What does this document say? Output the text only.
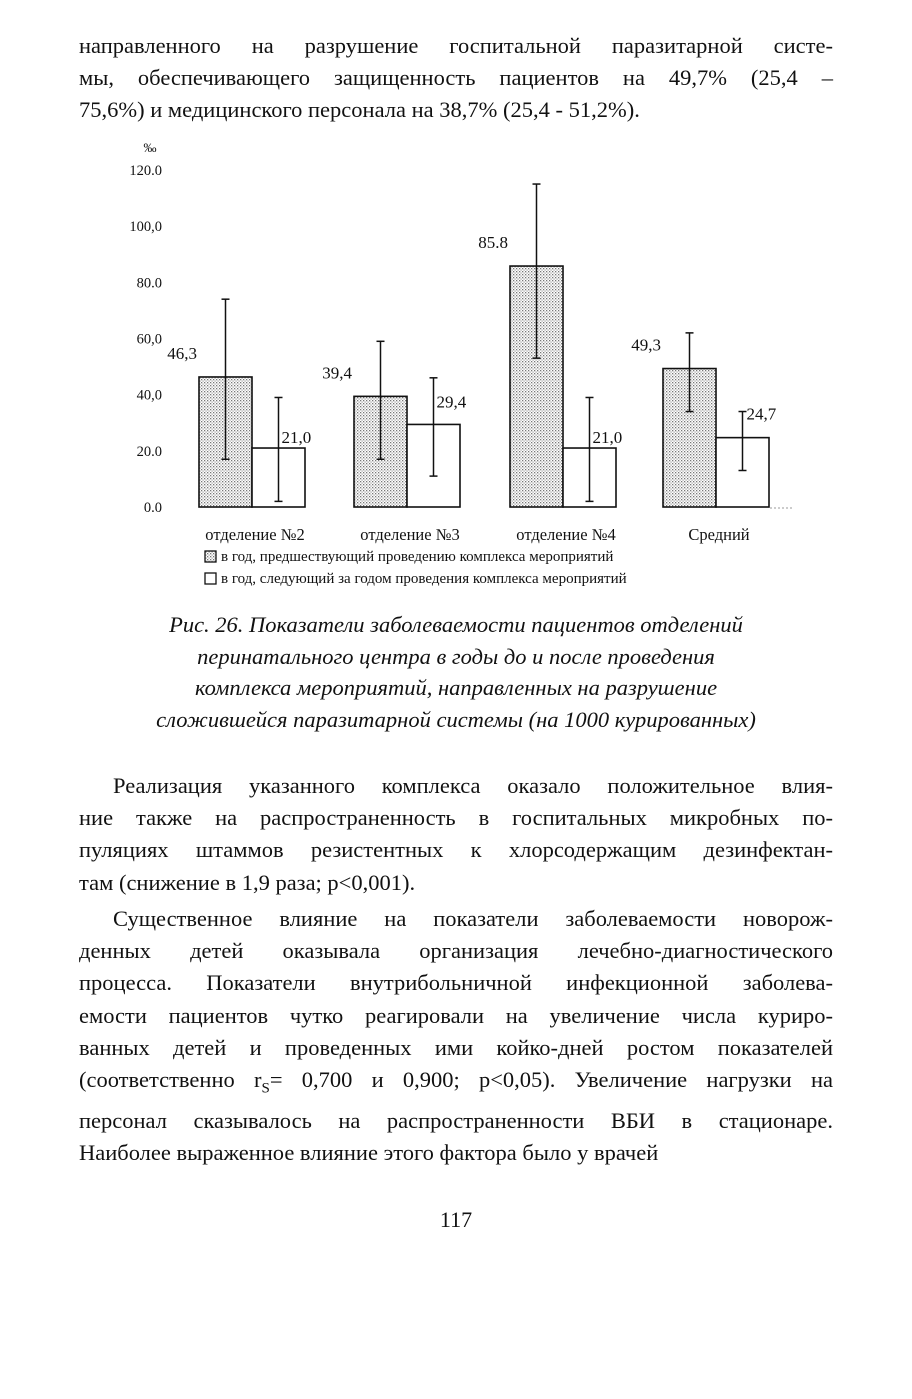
направленного на разрушение госпитальной паразитарной систе-
мы, обеспечивающего защищенность пациентов на 49,7% (25,4 –
75,6%) и медицинского персонала на 38,7% (25,4 - 51,2%).
‰
0.0
20.0
40,0
60,0
80.0
100,0
120.0
46,3
21,0
отделение №2
39,4
29,4
отделение №3
85.8
21,0
отделение №4
49,3
24,7
Средний
в год, предшествующий проведению комплекса мероприятий
в год, следующий за годом проведения комплекса мероприятий
Рис. 26. Показатели заболеваемости пациентов отделений
перинатального центра в годы до и после проведения
комплекса мероприятий, направленных на разрушение
сложившейся паразитарной системы (на 1000 курированных)
Реализация указанного комплекса оказало положительное влия-
ние также на распространенность в госпитальных микробных по-
пуляциях штаммов резистентных к хлорсодержащим дезинфектан-
там (снижение в 1,9 раза; p<0,001).
Существенное влияние на показатели заболеваемости новорож-
денных детей оказывала организация лечебно-диагностического
процесса. Показатели внутрибольничной инфекционной заболева-
емости пациентов чутко реагировали на увеличение числа куриро-
ванных детей и проведенных ими койко-дней ростом показателей
(соответственно $r_S= 0,700$ и 0,900; p<0,05). Увеличение нагрузки на
персонал сказывалось на распространенности ВБИ в стационаре.
Наиболее выраженное влияние этого фактора было у врачей
117
